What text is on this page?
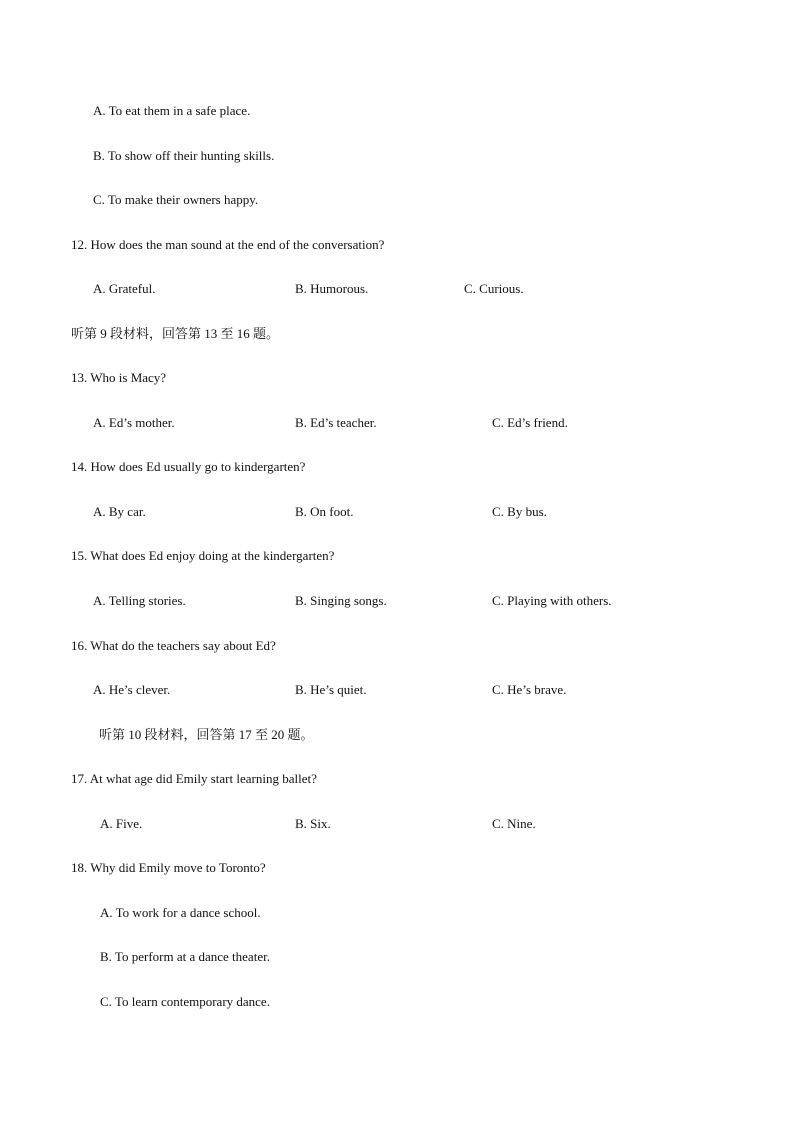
A. To eat them in a safe place.
B. To show off their hunting skills.
C. To make their owners happy.
12. How does the man sound at the end of the conversation?
A. Grateful.	B. Humorous.	C. Curious.
听第 9 段材料，回答第 13 至 16 题。
13. Who is Macy?
A. Ed’s mother.	B. Ed’s teacher.	C. Ed’s friend.
14. How does Ed usually go to kindergarten?
A. By car.	B. On foot.	C. By bus.
15. What does Ed enjoy doing at the kindergarten?
A. Telling stories.	B. Singing songs.	C. Playing with others.
16. What do the teachers say about Ed?
A. He’s clever.	B. He’s quiet.	C. He’s brave.
听第 10 段材料，回答第 17 至 20 题。
17. At what age did Emily start learning ballet?
A. Five.	B. Six.	C. Nine.
18. Why did Emily move to Toronto?
A. To work for a dance school.
B. To perform at a dance theater.
C. To learn contemporary dance.
